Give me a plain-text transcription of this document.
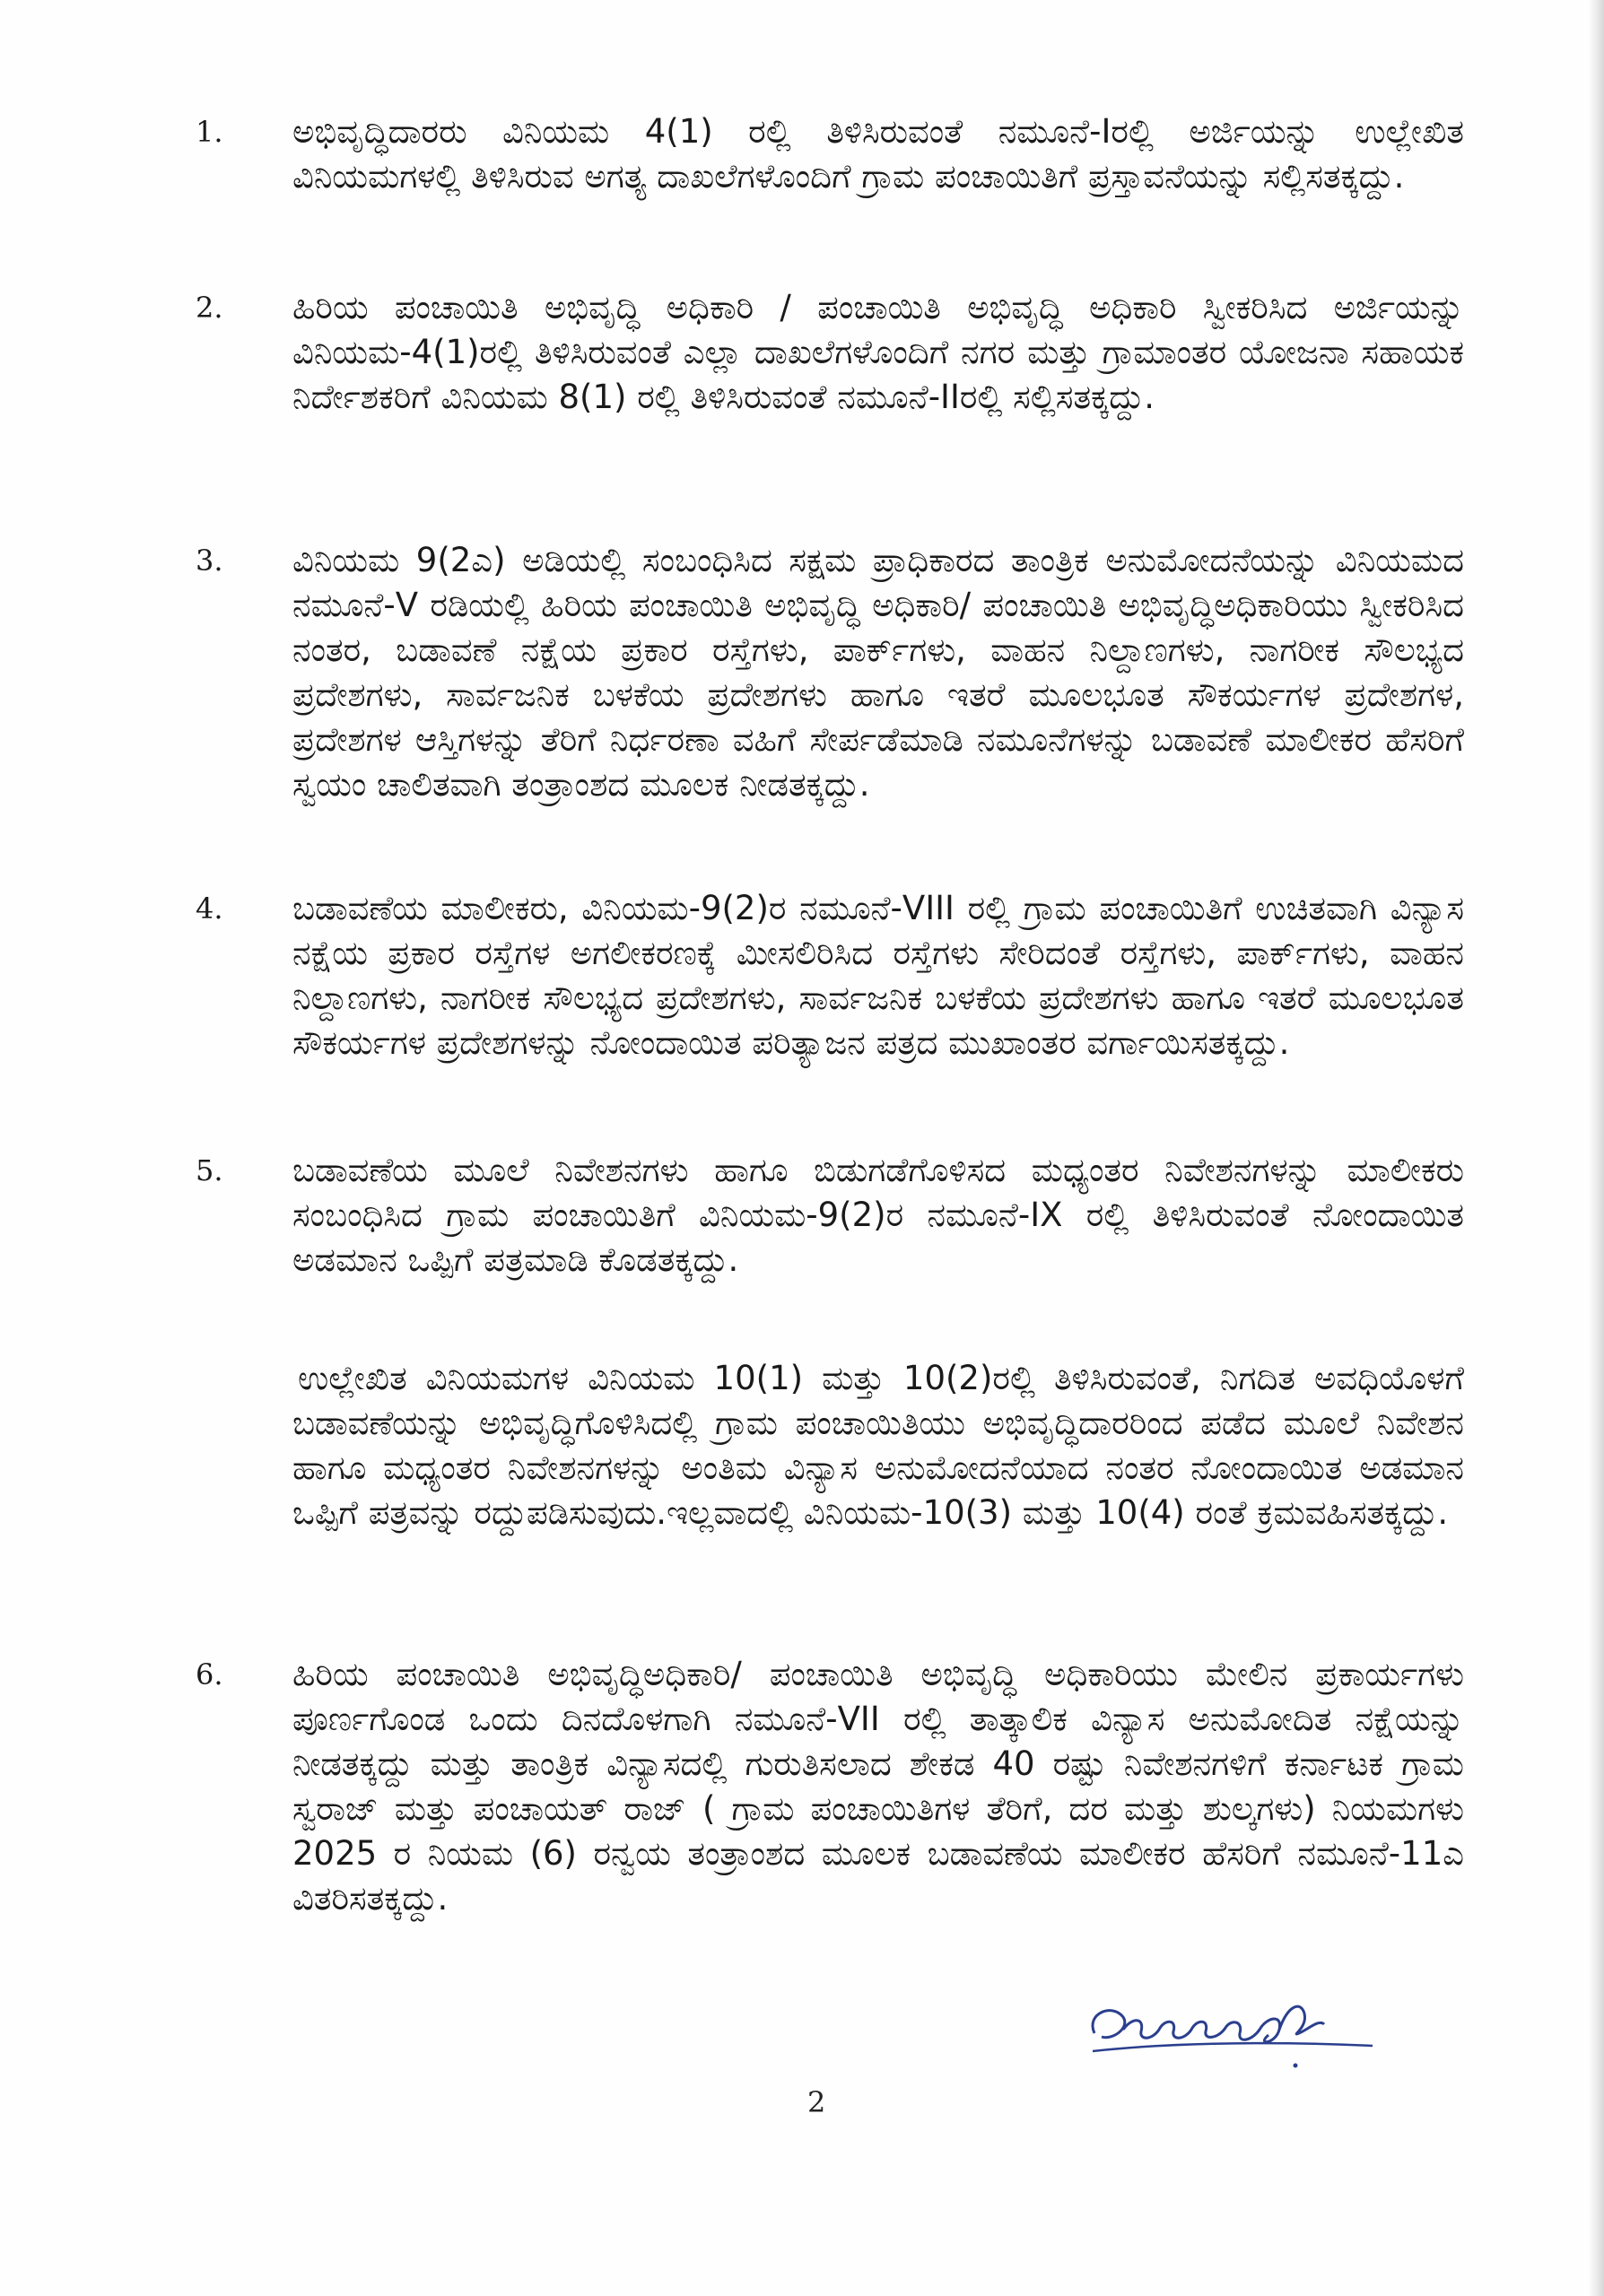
1. ಅಭಿವೃದ್ಧಿದಾರರು ವಿನಿಯಮ 4(1) ರಲ್ಲಿ ತಿಳಿಸಿರುವಂತೆ ನಮೂನೆ-Iರಲ್ಲಿ ಅರ್ಜಿಯನ್ನು ಉಲ್ಲೇಖಿತ ವಿನಿಯಮಗಳಲ್ಲಿ ತಿಳಿಸಿರುವ ಅಗತ್ಯ ದಾಖಲೆಗಳೊಂದಿಗೆ ಗ್ರಾಮ ಪಂಚಾಯಿತಿಗೆ ಪ್ರಸ್ತಾವನೆಯನ್ನು ಸಲ್ಲಿಸತಕ್ಕದ್ದು.
2. ಹಿರಿಯ ಪಂಚಾಯಿತಿ ಅಭಿವೃದ್ಧಿ ಅಧಿಕಾರಿ / ಪಂಚಾಯಿತಿ ಅಭಿವೃದ್ಧಿ ಅಧಿಕಾರಿ ಸ್ವೀಕರಿಸಿದ ಅರ್ಜಿಯನ್ನು ವಿನಿಯಮ-4(1)ರಲ್ಲಿ ತಿಳಿಸಿರುವಂತೆ ಎಲ್ಲಾ ದಾಖಲೆಗಳೊಂದಿಗೆ ನಗರ ಮತ್ತು ಗ್ರಾಮಾಂತರ ಯೋಜನಾ ಸಹಾಯಕ ನಿರ್ದೇಶಕರಿಗೆ ವಿನಿಯಮ 8(1) ರಲ್ಲಿ ತಿಳಿಸಿರುವಂತೆ ನಮೂನೆ-IIರಲ್ಲಿ ಸಲ್ಲಿಸತಕ್ಕದ್ದು.
3. ವಿನಿಯಮ 9(2ಎ) ಅಡಿಯಲ್ಲಿ ಸಂಬಂಧಿಸಿದ ಸಕ್ಷಮ ಪ್ರಾಧಿಕಾರದ ತಾಂತ್ರಿಕ ಅನುಮೋದನೆಯನ್ನು ವಿನಿಯಮದ ನಮೂನೆ-V ರಡಿಯಲ್ಲಿ ಹಿರಿಯ ಪಂಚಾಯಿತಿ ಅಭಿವೃದ್ಧಿ ಅಧಿಕಾರಿ/ ಪಂಚಾಯಿತಿ ಅಭಿವೃದ್ಧಿಅಧಿಕಾರಿಯು ಸ್ವೀಕರಿಸಿದ ನಂತರ, ಬಡಾವಣೆ ನಕ್ಷೆಯ ಪ್ರಕಾರ ರಸ್ತೆಗಳು, ಪಾರ್ಕ್‌ಗಳು, ವಾಹನ ನಿಲ್ದಾಣಗಳು, ನಾಗರೀಕ ಸೌಲಭ್ಯದ ಪ್ರದೇಶಗಳು, ಸಾರ್ವಜನಿಕ ಬಳಕೆಯ ಪ್ರದೇಶಗಳು ಹಾಗೂ ಇತರೆ ಮೂಲಭೂತ ಸೌಕರ್ಯಗಳ ಪ್ರದೇಶಗಳ, ಪ್ರದೇಶಗಳ ಆಸ್ತಿಗಳನ್ನು ತೆರಿಗೆ ನಿರ್ಧರಣಾ ವಹಿಗೆ ಸೇರ್ಪಡೆಮಾಡಿ ನಮೂನೆಗಳನ್ನು ಬಡಾವಣೆ ಮಾಲೀಕರ ಹೆಸರಿಗೆ ಸ್ವಯಂ ಚಾಲಿತವಾಗಿ ತಂತ್ರಾಂಶದ ಮೂಲಕ ನೀಡತಕ್ಕದ್ದು.
4. ಬಡಾವಣೆಯ ಮಾಲೀಕರು, ವಿನಿಯಮ-9(2)ರ ನಮೂನೆ-VIII ರಲ್ಲಿ ಗ್ರಾಮ ಪಂಚಾಯಿತಿಗೆ ಉಚಿತವಾಗಿ ವಿನ್ಯಾಸ ನಕ್ಷೆಯ ಪ್ರಕಾರ ರಸ್ತೆಗಳ ಅಗಲೀಕರಣಕ್ಕೆ ಮೀಸಲಿರಿಸಿದ ರಸ್ತೆಗಳು ಸೇರಿದಂತೆ ರಸ್ತೆಗಳು, ಪಾರ್ಕ್‌ಗಳು, ವಾಹನ ನಿಲ್ದಾಣಗಳು, ನಾಗರೀಕ ಸೌಲಭ್ಯದ ಪ್ರದೇಶಗಳು, ಸಾರ್ವಜನಿಕ ಬಳಕೆಯ ಪ್ರದೇಶಗಳು ಹಾಗೂ ಇತರೆ ಮೂಲಭೂತ ಸೌಕರ್ಯಗಳ ಪ್ರದೇಶಗಳನ್ನು ನೋಂದಾಯಿತ ಪರಿತ್ಯಾಜನ ಪತ್ರದ ಮುಖಾಂತರ ವರ್ಗಾಯಿಸತಕ್ಕದ್ದು.
5. ಬಡಾವಣೆಯ ಮೂಲೆ ನಿವೇಶನಗಳು ಹಾಗೂ ಬಿಡುಗಡೆಗೊಳಿಸದ ಮಧ್ಯಂತರ ನಿವೇಶನಗಳನ್ನು ಮಾಲೀಕರು ಸಂಬಂಧಿಸಿದ ಗ್ರಾಮ ಪಂಚಾಯಿತಿಗೆ ವಿನಿಯಮ-9(2)ರ ನಮೂನೆ-IX ರಲ್ಲಿ ತಿಳಿಸಿರುವಂತೆ ನೋಂದಾಯಿತ ಅಡಮಾನ ಒಪ್ಪಿಗೆ ಪತ್ರಮಾಡಿ ಕೊಡತಕ್ಕದ್ದು.
ಉಲ್ಲೇಖಿತ ವಿನಿಯಮಗಳ ವಿನಿಯಮ 10(1) ಮತ್ತು 10(2)ರಲ್ಲಿ ತಿಳಿಸಿರುವಂತೆ, ನಿಗದಿತ ಅವಧಿಯೊಳಗೆ ಬಡಾವಣೆಯನ್ನು ಅಭಿವೃದ್ಧಿಗೊಳಿಸಿದಲ್ಲಿ ಗ್ರಾಮ ಪಂಚಾಯಿತಿಯು ಅಭಿವೃದ್ಧಿದಾರರಿಂದ ಪಡೆದ ಮೂಲೆ ನಿವೇಶನ ಹಾಗೂ ಮಧ್ಯಂತರ ನಿವೇಶನಗಳನ್ನು ಅಂತಿಮ ವಿನ್ಯಾಸ ಅನುಮೋದನೆಯಾದ ನಂತರ ನೋಂದಾಯಿತ ಅಡಮಾನ ಒಪ್ಪಿಗೆ ಪತ್ರವನ್ನು ರದ್ದುಪಡಿಸುವುದು.ಇಲ್ಲವಾದಲ್ಲಿ ವಿನಿಯಮ-10(3) ಮತ್ತು 10(4) ರಂತೆ ಕ್ರಮವಹಿಸತಕ್ಕದ್ದು.
6. ಹಿರಿಯ ಪಂಚಾಯಿತಿ ಅಭಿವೃದ್ಧಿಅಧಿಕಾರಿ/ ಪಂಚಾಯಿತಿ ಅಭಿವೃದ್ಧಿ ಅಧಿಕಾರಿಯು ಮೇಲಿನ ಪ್ರಕಾರ್ಯಗಳು ಪೂರ್ಣಗೊಂಡ ಒಂದು ದಿನದೊಳಗಾಗಿ ನಮೂನೆ-VII ರಲ್ಲಿ ತಾತ್ಕಾಲಿಕ ವಿನ್ಯಾಸ ಅನುಮೋದಿತ ನಕ್ಷೆಯನ್ನು ನೀಡತಕ್ಕದ್ದು ಮತ್ತು ತಾಂತ್ರಿಕ ವಿನ್ಯಾಸದಲ್ಲಿ ಗುರುತಿಸಲಾದ ಶೇಕಡ 40 ರಷ್ಟು ನಿವೇಶನಗಳಿಗೆ ಕರ್ನಾಟಕ ಗ್ರಾಮ ಸ್ವರಾಜ್ ಮತ್ತು ಪಂಚಾಯತ್ ರಾಜ್ ( ಗ್ರಾಮ ಪಂಚಾಯಿತಿಗಳ ತೆರಿಗೆ, ದರ ಮತ್ತು ಶುಲ್ಕಗಳು) ನಿಯಮಗಳು 2025 ರ ನಿಯಮ (6) ರನ್ವಯ ತಂತ್ರಾಂಶದ ಮೂಲಕ ಬಡಾವಣೆಯ ಮಾಲೀಕರ ಹೆಸರಿಗೆ ನಮೂನೆ-11ಎ ವಿತರಿಸತಕ್ಕದ್ದು.
2
